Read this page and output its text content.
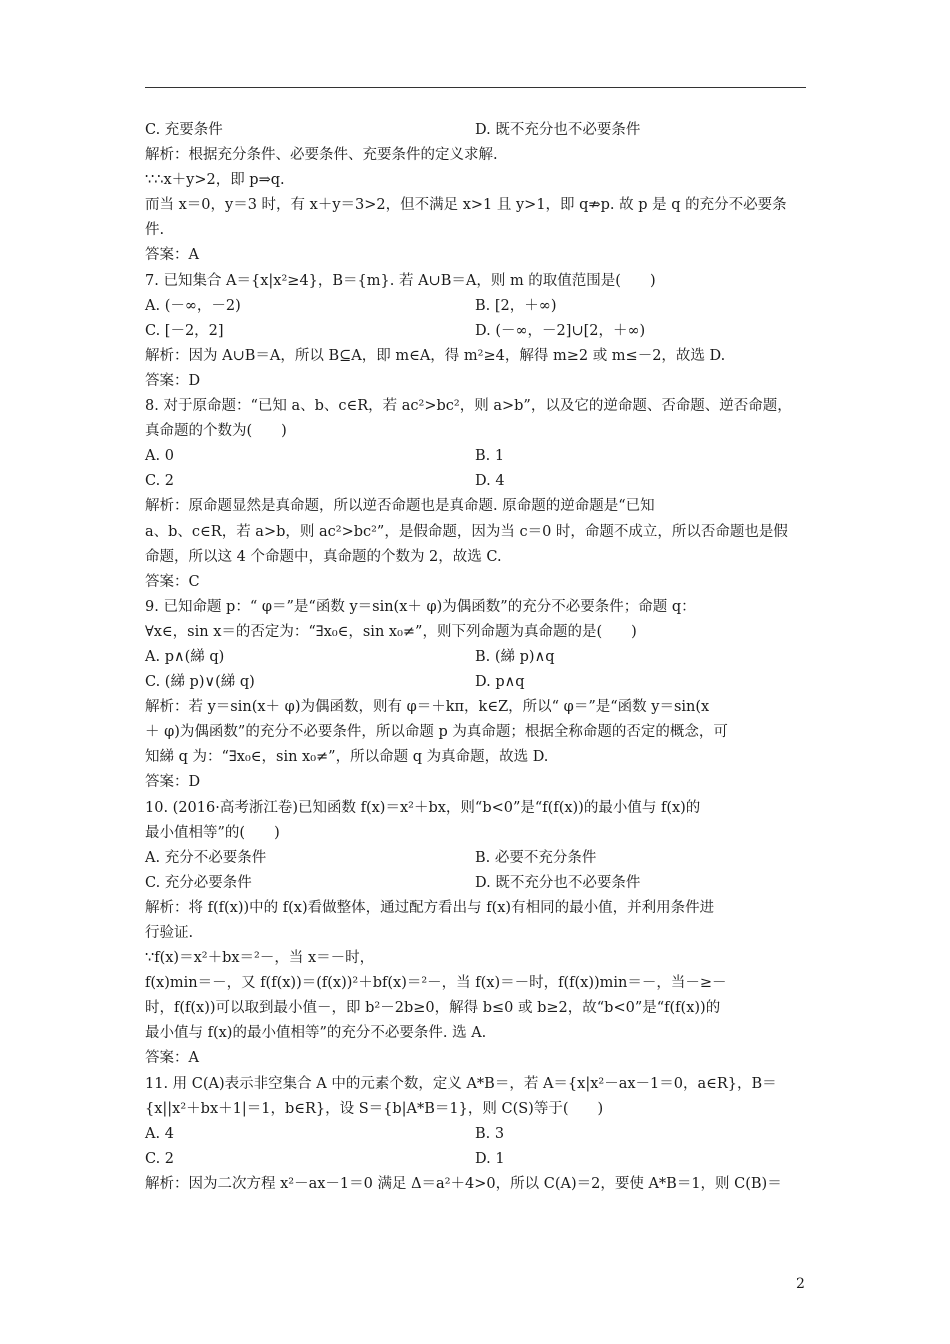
C. 充要条件	D. 既不充分也不必要条件
解析：根据充分条件、必要条件、充要条件的定义求解.
∵∴x＋y>2，即 p⇒q.
而当 x＝0，y＝3 时，有 x＋y＝3>2，但不满足 x>1 且 y>1，即 q⇏p. 故 p 是 q 的充分不必要条
件.
答案：A
7. 已知集合 A＝{x|x²≥4}，B＝{m}. 若 A∪B＝A，则 m 的取值范围是(　　)
A. (－∞，－2)	B. [2，＋∞)
C. [－2，2]	D. (－∞，－2]∪[2，＋∞)
解析：因为 A∪B＝A，所以 B⊆A，即 m∈A，得 m²≥4，解得 m≥2 或 m≤－2，故选 D.
答案：D
8. 对于原命题：“已知 a、b、c∈R，若 ac²>bc²，则 a>b”，以及它的逆命题、否命题、逆否命题，
真命题的个数为(　　)
A. 0	B. 1
C. 2	D. 4
解析：原命题显然是真命题，所以逆否命题也是真命题. 原命题的逆命题是“已知
a、b、c∈R，若 a>b，则 ac²>bc²”，是假命题，因为当 c＝0 时，命题不成立，所以否命题也是假
命题，所以这 4 个命题中，真命题的个数为 2，故选 C.
答案：C
9. 已知命题 p：“ φ＝”是“函数 y＝sin(x＋ φ)为偶函数”的充分不必要条件；命题 q：
∀x∈，sin x＝的否定为：“∃x₀∈，sin x₀≠”，则下列命题为真命题的是(　　)
A. p∧(綈 q)	B. (綈 p)∧q
C. (綈 p)∨(綈 q)	D. p∧q
解析：若 y＝sin(x＋ φ)为偶函数，则有 φ＝＋kπ，k∈Z，所以“ φ＝”是“函数 y＝sin(x
＋ φ)为偶函数”的充分不必要条件，所以命题 p 为真命题；根据全称命题的否定的概念，可
知綈 q 为：“∃x₀∈，sin x₀≠”，所以命题 q 为真命题，故选 D.
答案：D
10. (2016·高考浙江卷)已知函数 f(x)＝x²＋bx，则“b<0”是“f(f(x))的最小值与 f(x)的
最小值相等”的(　　)
A. 充分不必要条件	B. 必要不充分条件
C. 充分必要条件	D. 既不充分也不必要条件
解析：将 f(f(x))中的 f(x)看做整体，通过配方看出与 f(x)有相同的最小值，并利用条件进
行验证.
∵f(x)＝x²＋bx＝²－，当 x＝－时，
f(x)min＝－，又 f(f(x))＝(f(x))²＋bf(x)＝²－，当 f(x)＝－时，f(f(x))min＝－，当－≥－
时，f(f(x))可以取到最小值－，即 b²－2b≥0，解得 b≤0 或 b≥2，故“b<0”是“f(f(x))的
最小值与 f(x)的最小值相等”的充分不必要条件. 选 A.
答案：A
11. 用 C(A)表示非空集合 A 中的元素个数，定义 A*B＝，若 A＝{x|x²－ax－1＝0，a∈R}，B＝
{x||x²＋bx＋1|＝1，b∈R}，设 S＝{b|A*B＝1}，则 C(S)等于(　　)
A. 4	B. 3
C. 2	D. 1
解析：因为二次方程 x²－ax－1＝0 满足 Δ＝a²＋4>0，所以 C(A)＝2，要使 A*B＝1，则 C(B)＝
2
